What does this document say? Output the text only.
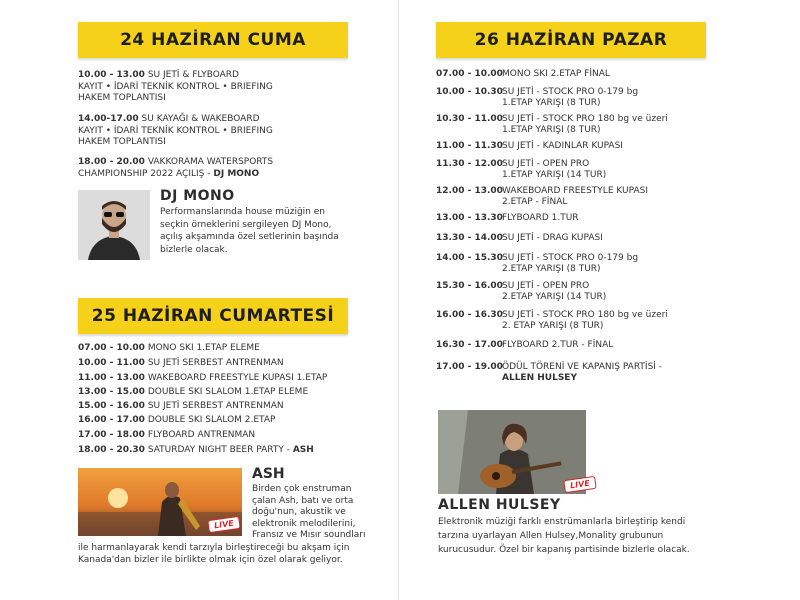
24 HAZİRAN CUMA
10.00 - 13.00 SU JETİ & FLYBOARD
KAYIT • İDARİ TEKNİK KONTROL • BRIEFING
HAKEM TOPLANTISI
14.00-17.00 SU KAYAĞI & WAKEBOARD
KAYIT • İDARİ TEKNİK KONTROL • BRIEFING
HAKEM TOPLANTISI
18.00 - 20.00 VAKKORAMA WATERSPORTS
CHAMPIONSHIP 2022 AÇILIŞ - DJ MONO
DJ MONO
Performanslarında house müziğin en seçkin örneklerini sergileyen DJ Mono, açılış akşamında özel setlerinin başında bizlerle olacak.
25 HAZİRAN CUMARTESİ
07.00 - 10.00 MONO SKI 1.ETAP ELEME
10.00 - 11.00 SU JETİ SERBEST ANTRENMAN
11.00 - 13.00 WAKEBOARD FREESTYLE KUPASI 1.ETAP
13.00 - 15.00 DOUBLE SKI SLALOM 1.ETAP ELEME
15.00 - 16.00 SU JETİ SERBEST ANTRENMAN
16.00 - 17.00 DOUBLE SKI SLALOM 2.ETAP
17.00 - 18.00 FLYBOARD ANTRENMAN
18.00 - 20.30 SATURDAY NIGHT BEER PARTY - ASH
LIVE
ASH
Birden çok enstruman
çalan Ash, batı ve orta
doğu'nun, akustik ve
elektronik melodilerini,
Fransız ve Mısır soundları
ile harmanlayarak kendi tarzıyla birleştireceği bu akşam için
Kanada'dan bizler ile birlikte olmak için özel olarak geliyor.
26 HAZİRAN PAZAR
07.00 - 10.00MONO SKI 2.ETAP FİNAL
10.00 - 10.30SU JETİ - STOCK PRO 0-179 bg
1.ETAP YARIŞI (8 TUR)
10.30 - 11.00SU JETİ - STOCK PRO 180 bg ve üzeri
1.ETAP YARIŞI (8 TUR)
11.00 - 11.30SU JETİ - KADINLAR KUPASI
11.30 - 12.00SU JETİ - OPEN PRO
1.ETAP YARIŞI (14 TUR)
12.00 - 13.00WAKEBOARD FREESTYLE KUPASI
2.ETAP - FİNAL
13.00 - 13.30FLYBOARD 1.TUR
13.30 - 14.00SU JETİ - DRAG KUPASI
14.00 - 15.30SU JETİ - STOCK PRO 0-179 bg
2.ETAP YARIŞI (8 TUR)
15.30 - 16.00SU JETİ - OPEN PRO
2.ETAP YARIŞI (14 TUR)
16.00 - 16.30SU JETİ - STOCK PRO 180 bg ve üzeri
2. ETAP YARIŞI (8 TUR)
16.30 - 17.00FLYBOARD 2.TUR - FİNAL
17.00 - 19.00ÖDÜL TÖRENİ VE KAPANIŞ PARTİSİ -
ALLEN HULSEY
LIVE
ALLEN HULSEY
Elektronik müziği farklı enstrümanlarla birleştirip kendi
tarzına uyarlayan Allen Hulsey,Monality grubunun
kurucusudur. Özel bir kapanış partisinde bizlerle olacak.
